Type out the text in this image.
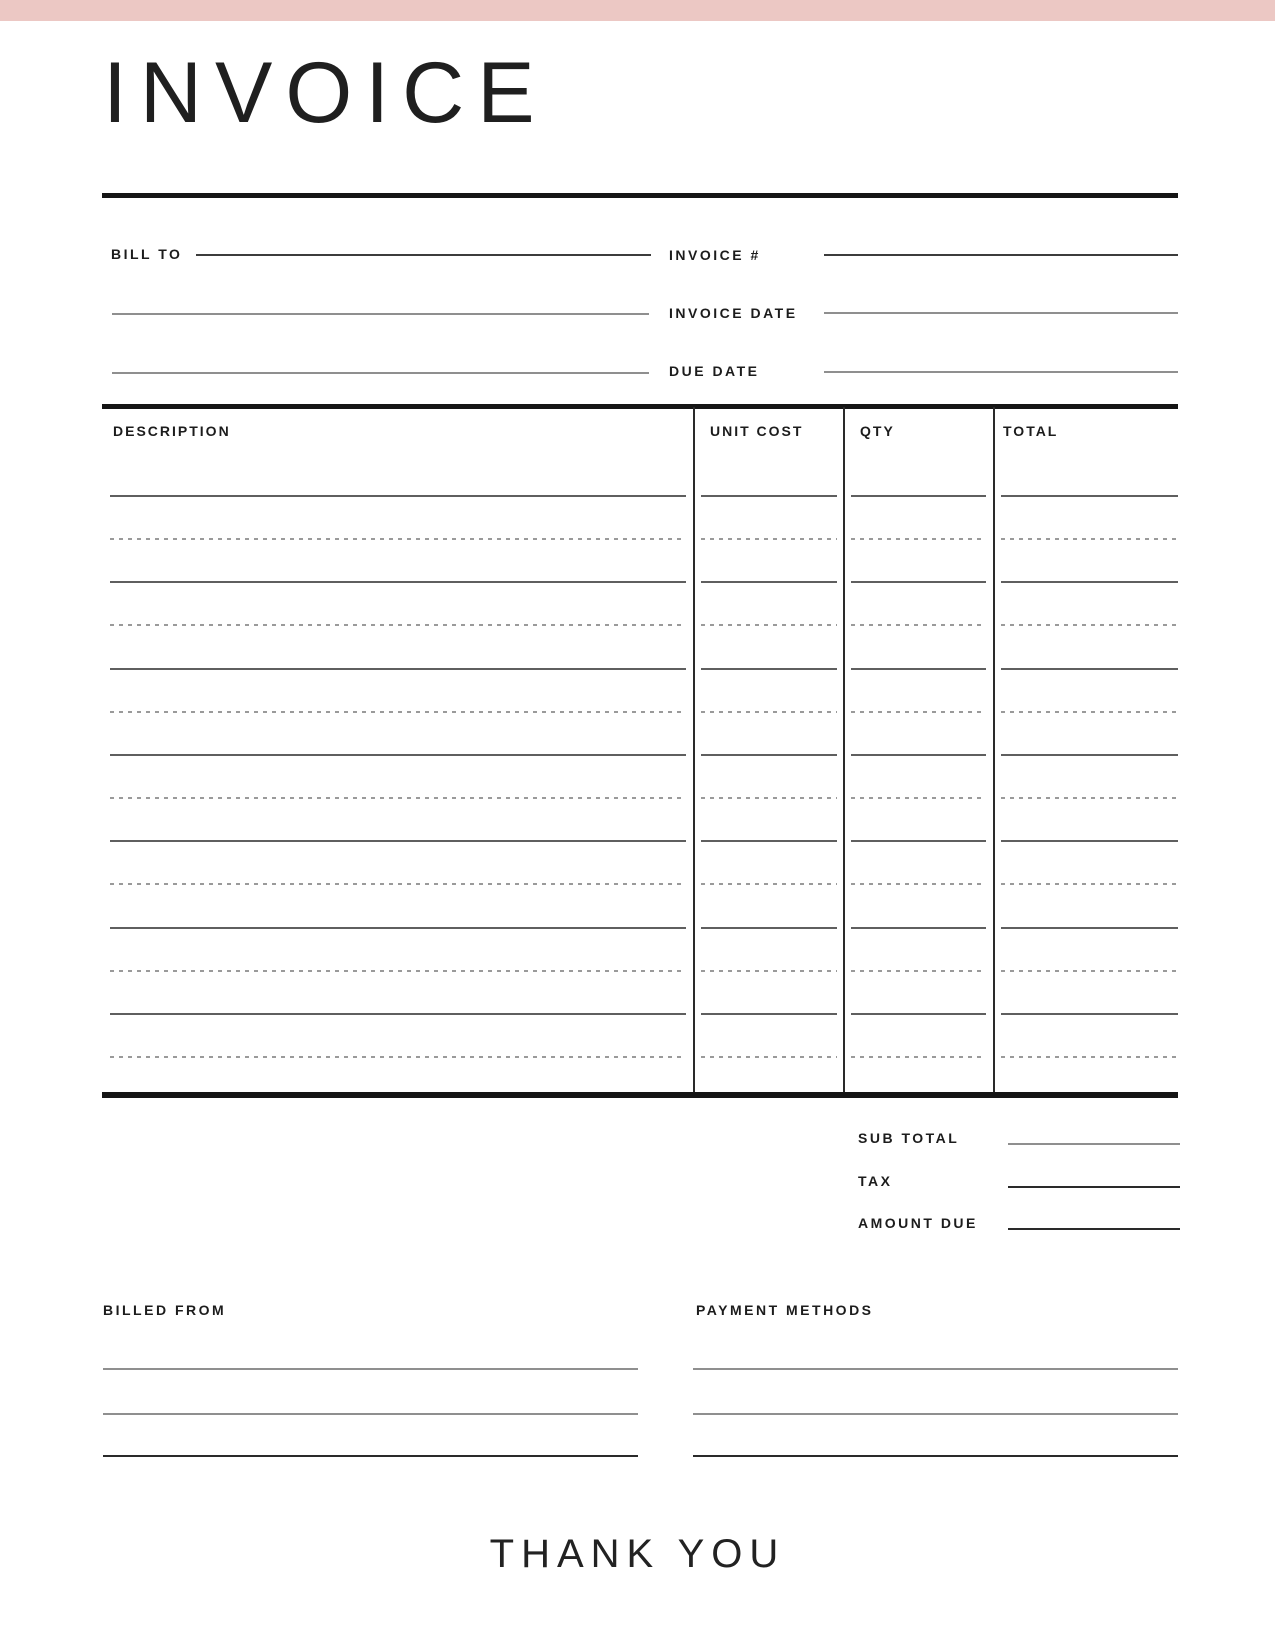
INVOICE
BILL TO	INVOICE #
INVOICE DATE
DUE DATE
DESCRIPTION	UNIT COST	QTY	TOTAL
SUB TOTAL
TAX
AMOUNT DUE
BILLED FROM	PAYMENT METHODS
THANK YOU
